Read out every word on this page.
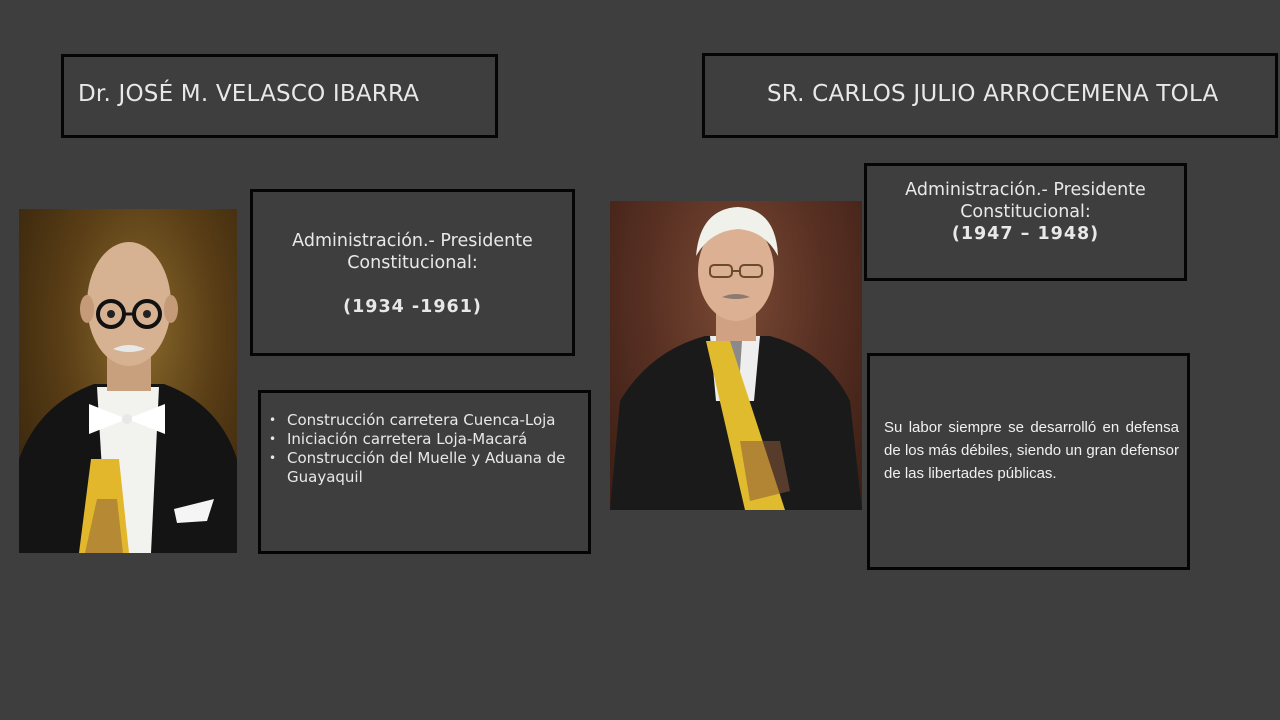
Dr. JOSÉ M. VELASCO IBARRA	SR. CARLOS JULIO ARROCEMENA TOLA
Administración.- Presidente Constitucional:
(1934 -1961)
• Construcción carretera Cuenca-Loja
• Iniciación carretera Loja-Macará
• Construcción del Muelle y Aduana de Guayaquil
Administración.- Presidente Constitucional:
(1947 – 1948)

Su labor siempre se desarrolló en defensa de los más débiles, siendo un gran defensor de las libertades públicas.
